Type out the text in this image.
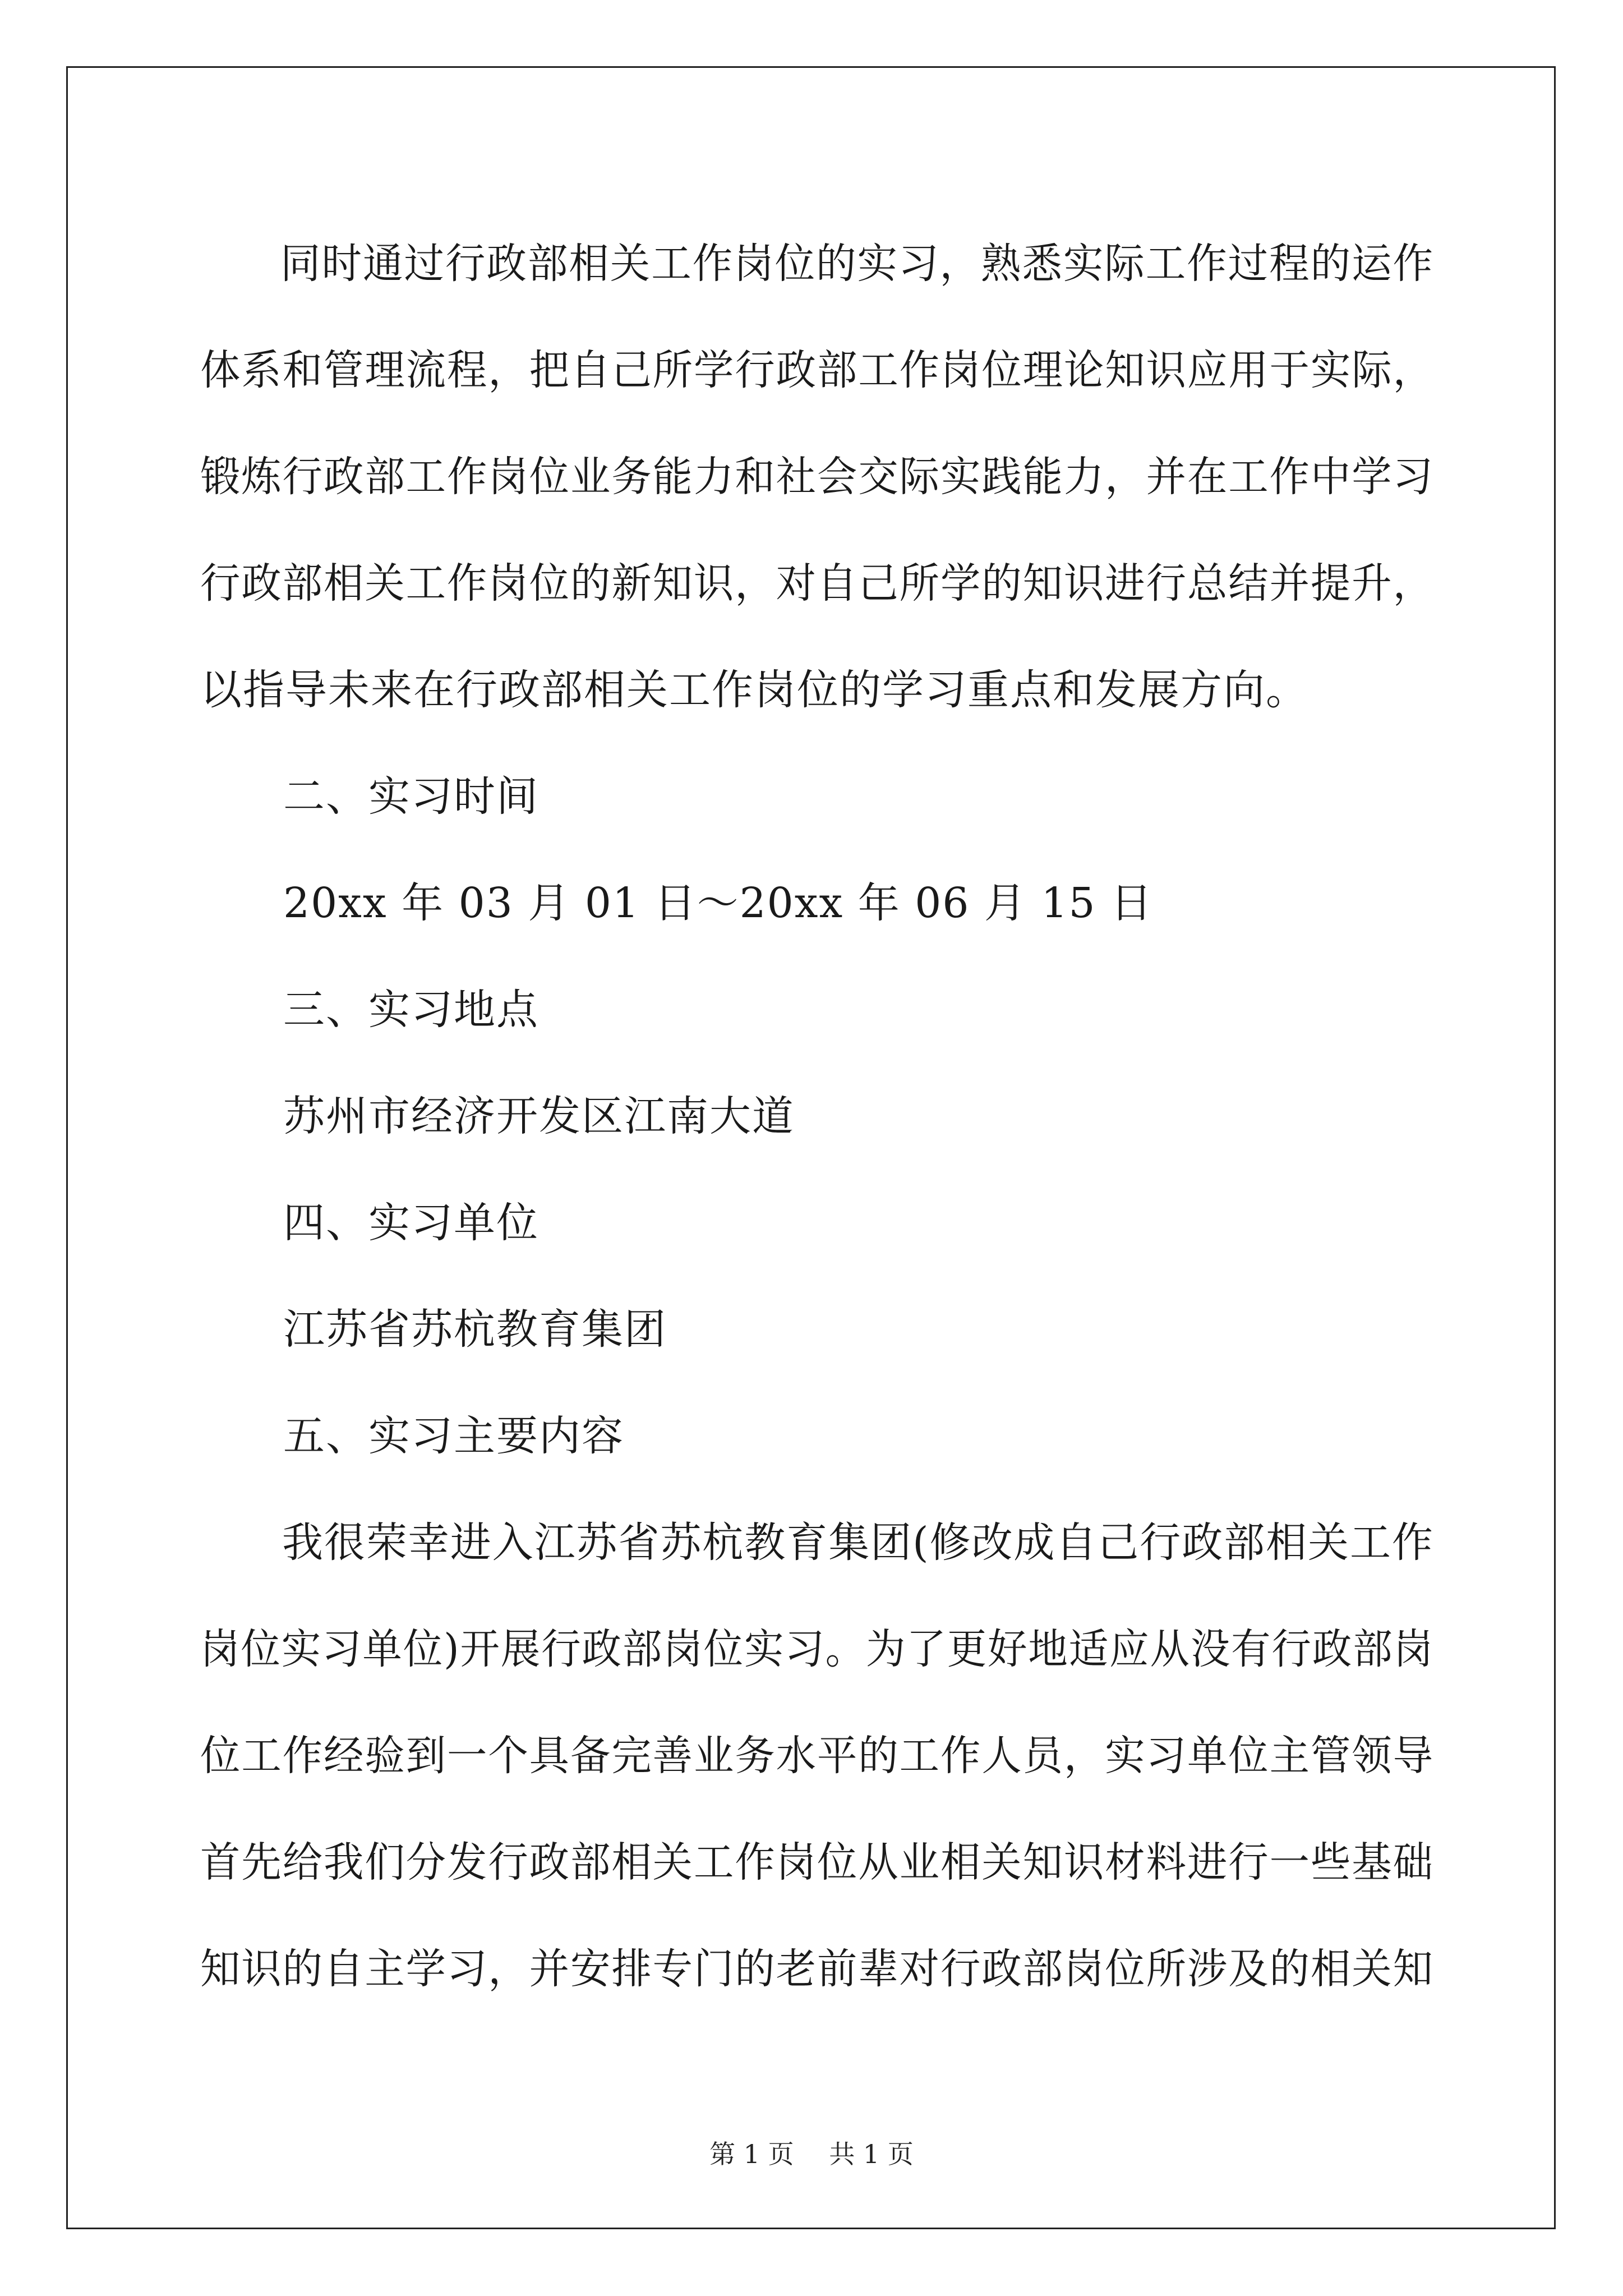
同时通过行政部相关工作岗位的实习，熟悉实际工作过程的运作
体系和管理流程，把自己所学行政部工作岗位理论知识应用于实际，
锻炼行政部工作岗位业务能力和社会交际实践能力，并在工作中学习
行政部相关工作岗位的新知识，对自己所学的知识进行总结并提升，
以指导未来在行政部相关工作岗位的学习重点和发展方向。
二、实习时间
20xx 年 03 月 01 日～20xx 年 06 月 15 日
三、实习地点
苏州市经济开发区江南大道
四、实习单位
江苏省苏杭教育集团
五、实习主要内容
我很荣幸进入江苏省苏杭教育集团(修改成自己行政部相关工作
岗位实习单位)开展行政部岗位实习。为了更好地适应从没有行政部岗
位工作经验到一个具备完善业务水平的工作人员，实习单位主管领导
首先给我们分发行政部相关工作岗位从业相关知识材料进行一些基础
知识的自主学习，并安排专门的老前辈对行政部岗位所涉及的相关知
第 1 页 共 1 页
